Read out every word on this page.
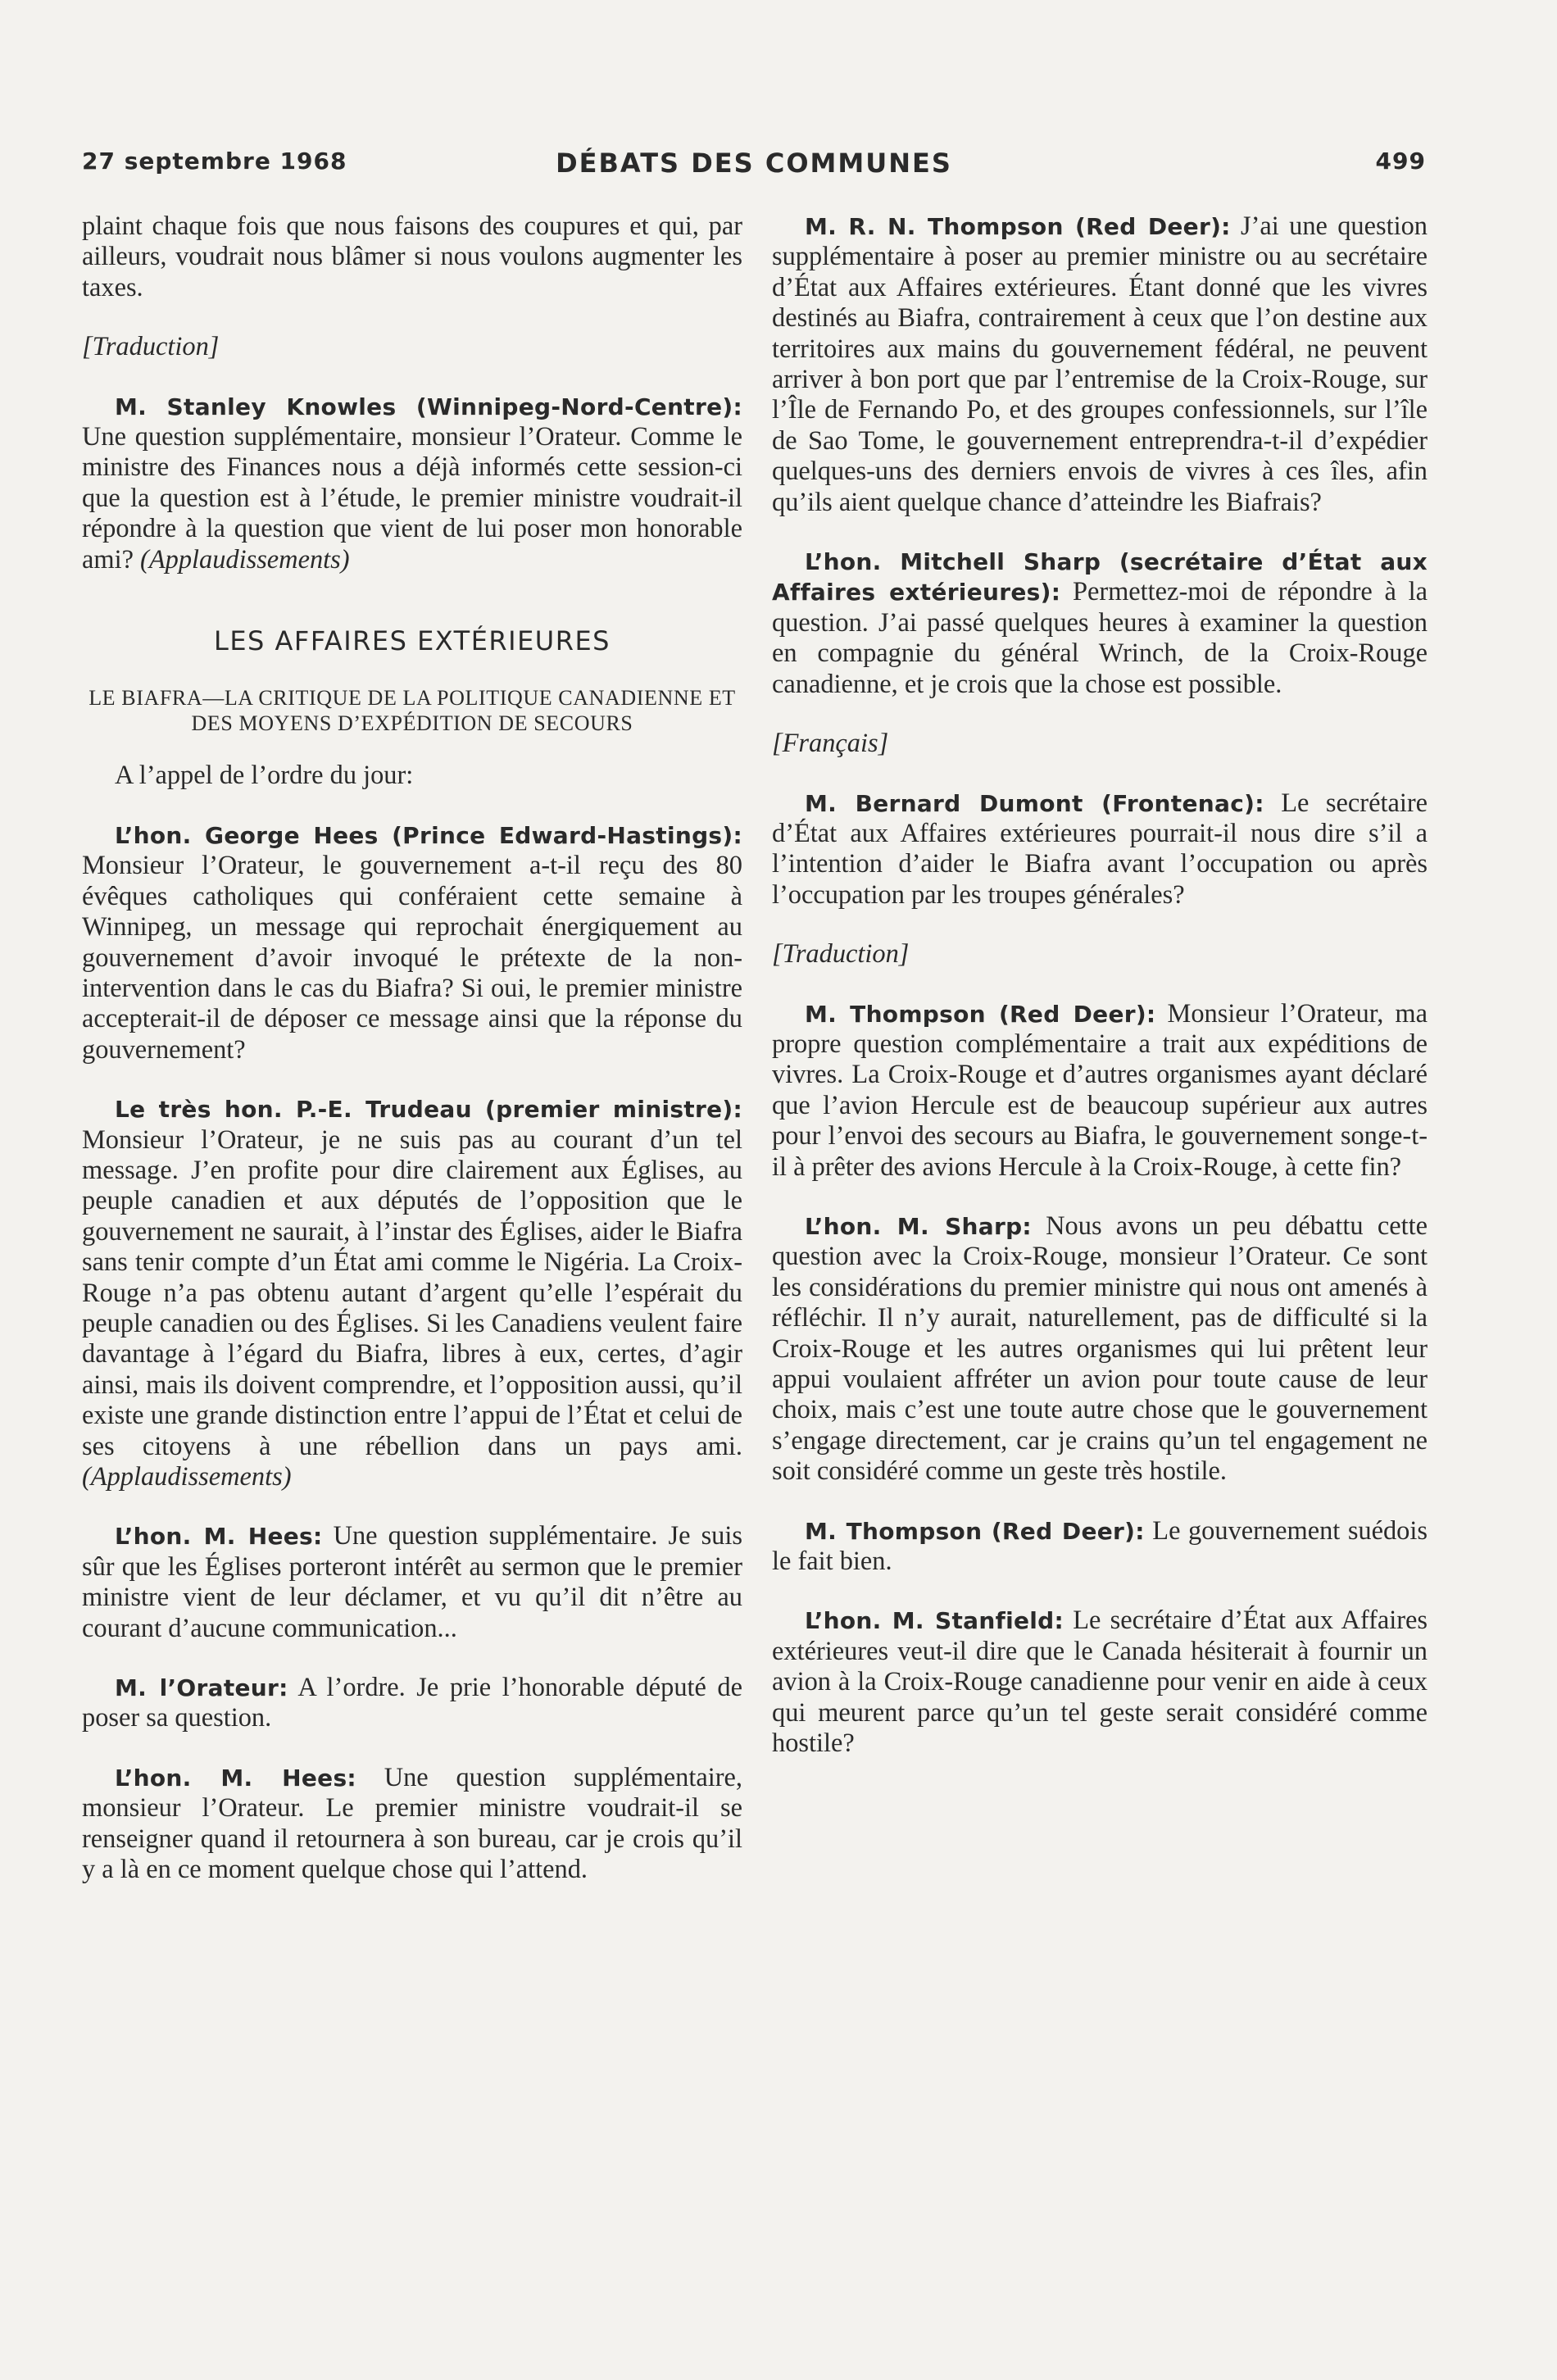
27 septembre 1968	DÉBATS DES COMMUNES	499

plaint chaque fois que nous faisons des coupures et qui, par ailleurs, voudrait nous blâmer si nous voulons augmenter les taxes.

[Traduction]

M. Stanley Knowles (Winnipeg-Nord-Centre): Une question supplémentaire, monsieur l’Orateur. Comme le ministre des Finances nous a déjà informés cette session-ci que la question est à l’étude, le premier ministre voudrait-il répondre à la question que vient de lui poser mon honorable ami? (Applaudissements)

LES AFFAIRES EXTÉRIEURES
LE BIAFRA—LA CRITIQUE DE LA POLITIQUE CANADIENNE ET DES MOYENS D’EXPÉDITION DE SECOURS

A l’appel de l’ordre du jour:

L’hon. George Hees (Prince Edward-Hastings): Monsieur l’Orateur, le gouvernement a-t-il reçu des 80 évêques catholiques qui conféraient cette semaine à Winnipeg, un message qui reprochait énergiquement au gouvernement d’avoir invoqué le prétexte de la non-intervention dans le cas du Biafra? Si oui, le premier ministre accepterait-il de déposer ce message ainsi que la réponse du gouvernement?

Le très hon. P.-E. Trudeau (premier ministre): Monsieur l’Orateur, je ne suis pas au courant d’un tel message. J’en profite pour dire clairement aux Églises, au peuple canadien et aux députés de l’opposition que le gouvernement ne saurait, à l’instar des Églises, aider le Biafra sans tenir compte d’un État ami comme le Nigéria. La Croix-Rouge n’a pas obtenu autant d’argent qu’elle l’espérait du peuple canadien ou des Églises. Si les Canadiens veulent faire davantage à l’égard du Biafra, libres à eux, certes, d’agir ainsi, mais ils doivent comprendre, et l’opposition aussi, qu’il existe une grande distinction entre l’appui de l’État et celui de ses citoyens à une rébellion dans un pays ami. (Applaudissements)

L’hon. M. Hees: Une question supplémentaire. Je suis sûr que les Églises porteront intérêt au sermon que le premier ministre vient de leur déclamer, et vu qu’il dit n’être au courant d’aucune communication...

M. l’Orateur: A l’ordre. Je prie l’honorable député de poser sa question.

L’hon. M. Hees: Une question supplémentaire, monsieur l’Orateur. Le premier ministre voudrait-il se renseigner quand il retournera à son bureau, car je crois qu’il y a là en ce moment quelque chose qui l’attend.

M. R. N. Thompson (Red Deer): J’ai une question supplémentaire à poser au premier ministre ou au secrétaire d’État aux Affaires extérieures. Étant donné que les vivres destinés au Biafra, contrairement à ceux que l’on destine aux territoires aux mains du gouvernement fédéral, ne peuvent arriver à bon port que par l’entremise de la Croix-Rouge, sur l’Île de Fernando Po, et des groupes confessionnels, sur l’île de Sao Tome, le gouvernement entreprendra-t-il d’expédier quelques-uns des derniers envois de vivres à ces îles, afin qu’ils aient quelque chance d’atteindre les Biafrais?

L’hon. Mitchell Sharp (secrétaire d’État aux Affaires extérieures): Permettez-moi de répondre à la question. J’ai passé quelques heures à examiner la question en compagnie du général Wrinch, de la Croix-Rouge canadienne, et je crois que la chose est possible.

[Français]

M. Bernard Dumont (Frontenac): Le secrétaire d’État aux Affaires extérieures pourrait-il nous dire s’il a l’intention d’aider le Biafra avant l’occupation ou après l’occupation par les troupes générales?

[Traduction]

M. Thompson (Red Deer): Monsieur l’Orateur, ma propre question complémentaire a trait aux expéditions de vivres. La Croix-Rouge et d’autres organismes ayant déclaré que l’avion Hercule est de beaucoup supérieur aux autres pour l’envoi des secours au Biafra, le gouvernement songe-t-il à prêter des avions Hercule à la Croix-Rouge, à cette fin?

L’hon. M. Sharp: Nous avons un peu débattu cette question avec la Croix-Rouge, monsieur l’Orateur. Ce sont les considérations du premier ministre qui nous ont amenés à réfléchir. Il n’y aurait, naturellement, pas de difficulté si la Croix-Rouge et les autres organismes qui lui prêtent leur appui voulaient affréter un avion pour toute cause de leur choix, mais c’est une toute autre chose que le gouvernement s’engage directement, car je crains qu’un tel engagement ne soit considéré comme un geste très hostile.

M. Thompson (Red Deer): Le gouvernement suédois le fait bien.

L’hon. M. Stanfield: Le secrétaire d’État aux Affaires extérieures veut-il dire que le Canada hésiterait à fournir un avion à la Croix-Rouge canadienne pour venir en aide à ceux qui meurent parce qu’un tel geste serait considéré comme hostile?
